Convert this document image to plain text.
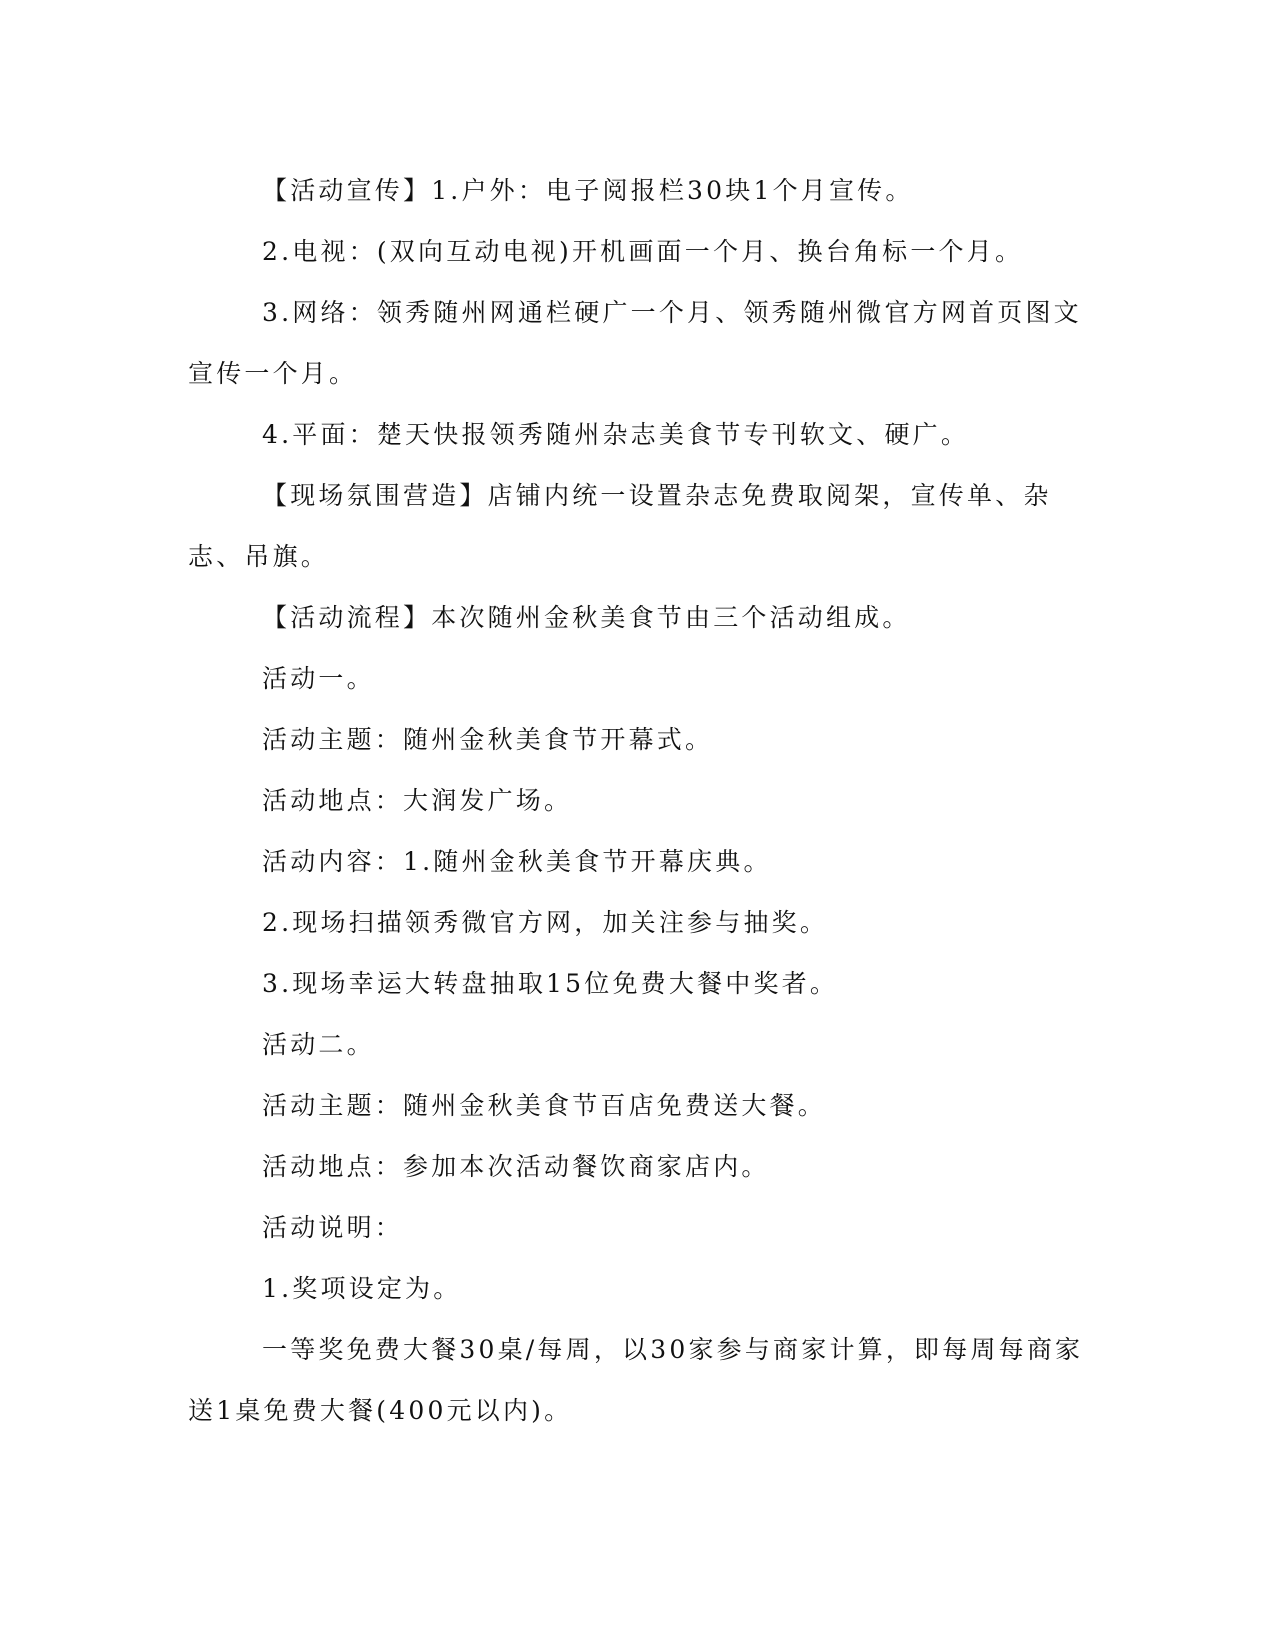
【活动宣传】1.户外：电子阅报栏30块1个月宣传。

2.电视：(双向互动电视)开机画面一个月、换台角标一个月。

3.网络：领秀随州网通栏硬广一个月、领秀随州微官方网首页图文宣传一个月。

4.平面：楚天快报领秀随州杂志美食节专刊软文、硬广。

【现场氛围营造】店铺内统一设置杂志免费取阅架，宣传单、杂志、吊旗。

【活动流程】本次随州金秋美食节由三个活动组成。

活动一。

活动主题：随州金秋美食节开幕式。

活动地点：大润发广场。

活动内容：1.随州金秋美食节开幕庆典。

2.现场扫描领秀微官方网，加关注参与抽奖。

3.现场幸运大转盘抽取15位免费大餐中奖者。

活动二。

活动主题：随州金秋美食节百店免费送大餐。

活动地点：参加本次活动餐饮商家店内。

活动说明：

1.奖项设定为。

一等奖免费大餐30桌/每周，以30家参与商家计算，即每周每商家送1桌免费大餐(400元以内)。
